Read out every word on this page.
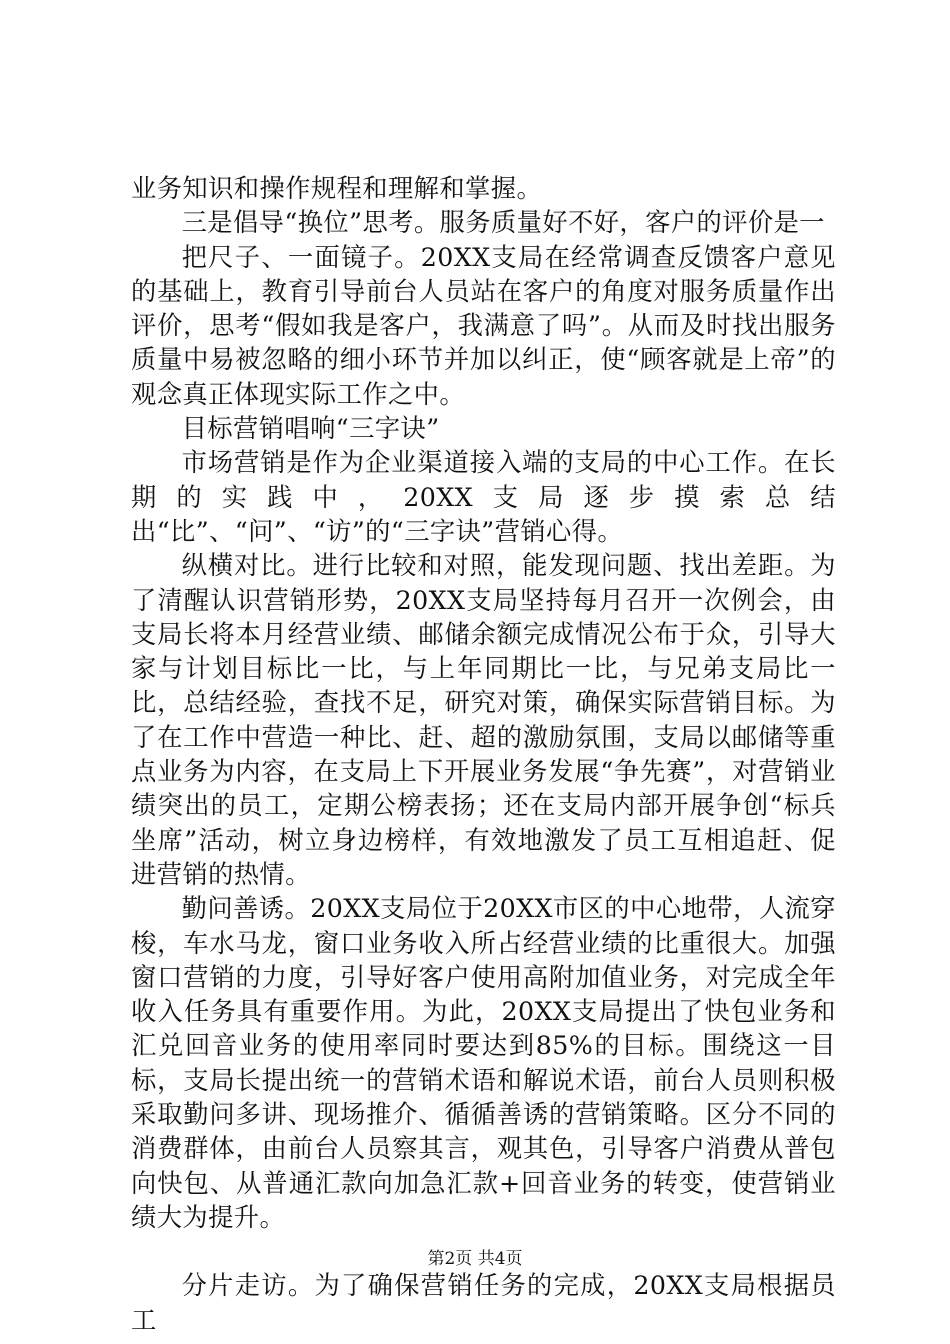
业务知识和操作规程和理解和掌握。

三是倡导“换位”思考。服务质量好不好，客户的评价是一

把尺子、一面镜子。20XX支局在经常调查反馈客户意见的基础上，教育引导前台人员站在客户的角度对服务质量作出评价，思考“假如我是客户，我满意了吗”。从而及时找出服务质量中易被忽略的细小环节并加以纠正，使“顾客就是上帝”的观念真正体现实际工作之中。

目标营销唱响“三字诀”

市场营销是作为企业渠道接入端的支局的中心工作。在长期的实践中，20XX支局逐步摸索总结出“比”、“问”、“访”的“三字诀”营销心得。

纵横对比。进行比较和对照，能发现问题、找出差距。为了清醒认识营销形势，20XX支局坚持每月召开一次例会，由支局长将本月经营业绩、邮储余额完成情况公布于众，引导大家与计划目标比一比，与上年同期比一比，与兄弟支局比一比，总结经验，查找不足，研究对策，确保实际营销目标。为了在工作中营造一种比、赶、超的激励氛围，支局以邮储等重点业务为内容，在支局上下开展业务发展“争先赛”，对营销业绩突出的员工，定期公榜表扬；还在支局内部开展争创“标兵坐席”活动，树立身边榜样，有效地激发了员工互相追赶、促进营销的热情。

勤问善诱。20XX支局位于20XX市区的中心地带，人流穿梭，车水马龙，窗口业务收入所占经营业绩的比重很大。加强窗口营销的力度，引导好客户使用高附加值业务，对完成全年收入任务具有重要作用。为此，20XX支局提出了快包业务和汇兑回音业务的使用率同时要达到85%的目标。围绕这一目标，支局长提出统一的营销术语和解说术语，前台人员则积极采取勤问多讲、现场推介、循循善诱的营销策略。区分不同的消费群体，由前台人员察其言，观其色，引导客户消费从普包向快包、从普通汇款向加急汇款+回音业务的转变，使营销业绩大为提升。

分片走访。为了确保营销任务的完成，20XX支局根据员工

第2页 共4页
